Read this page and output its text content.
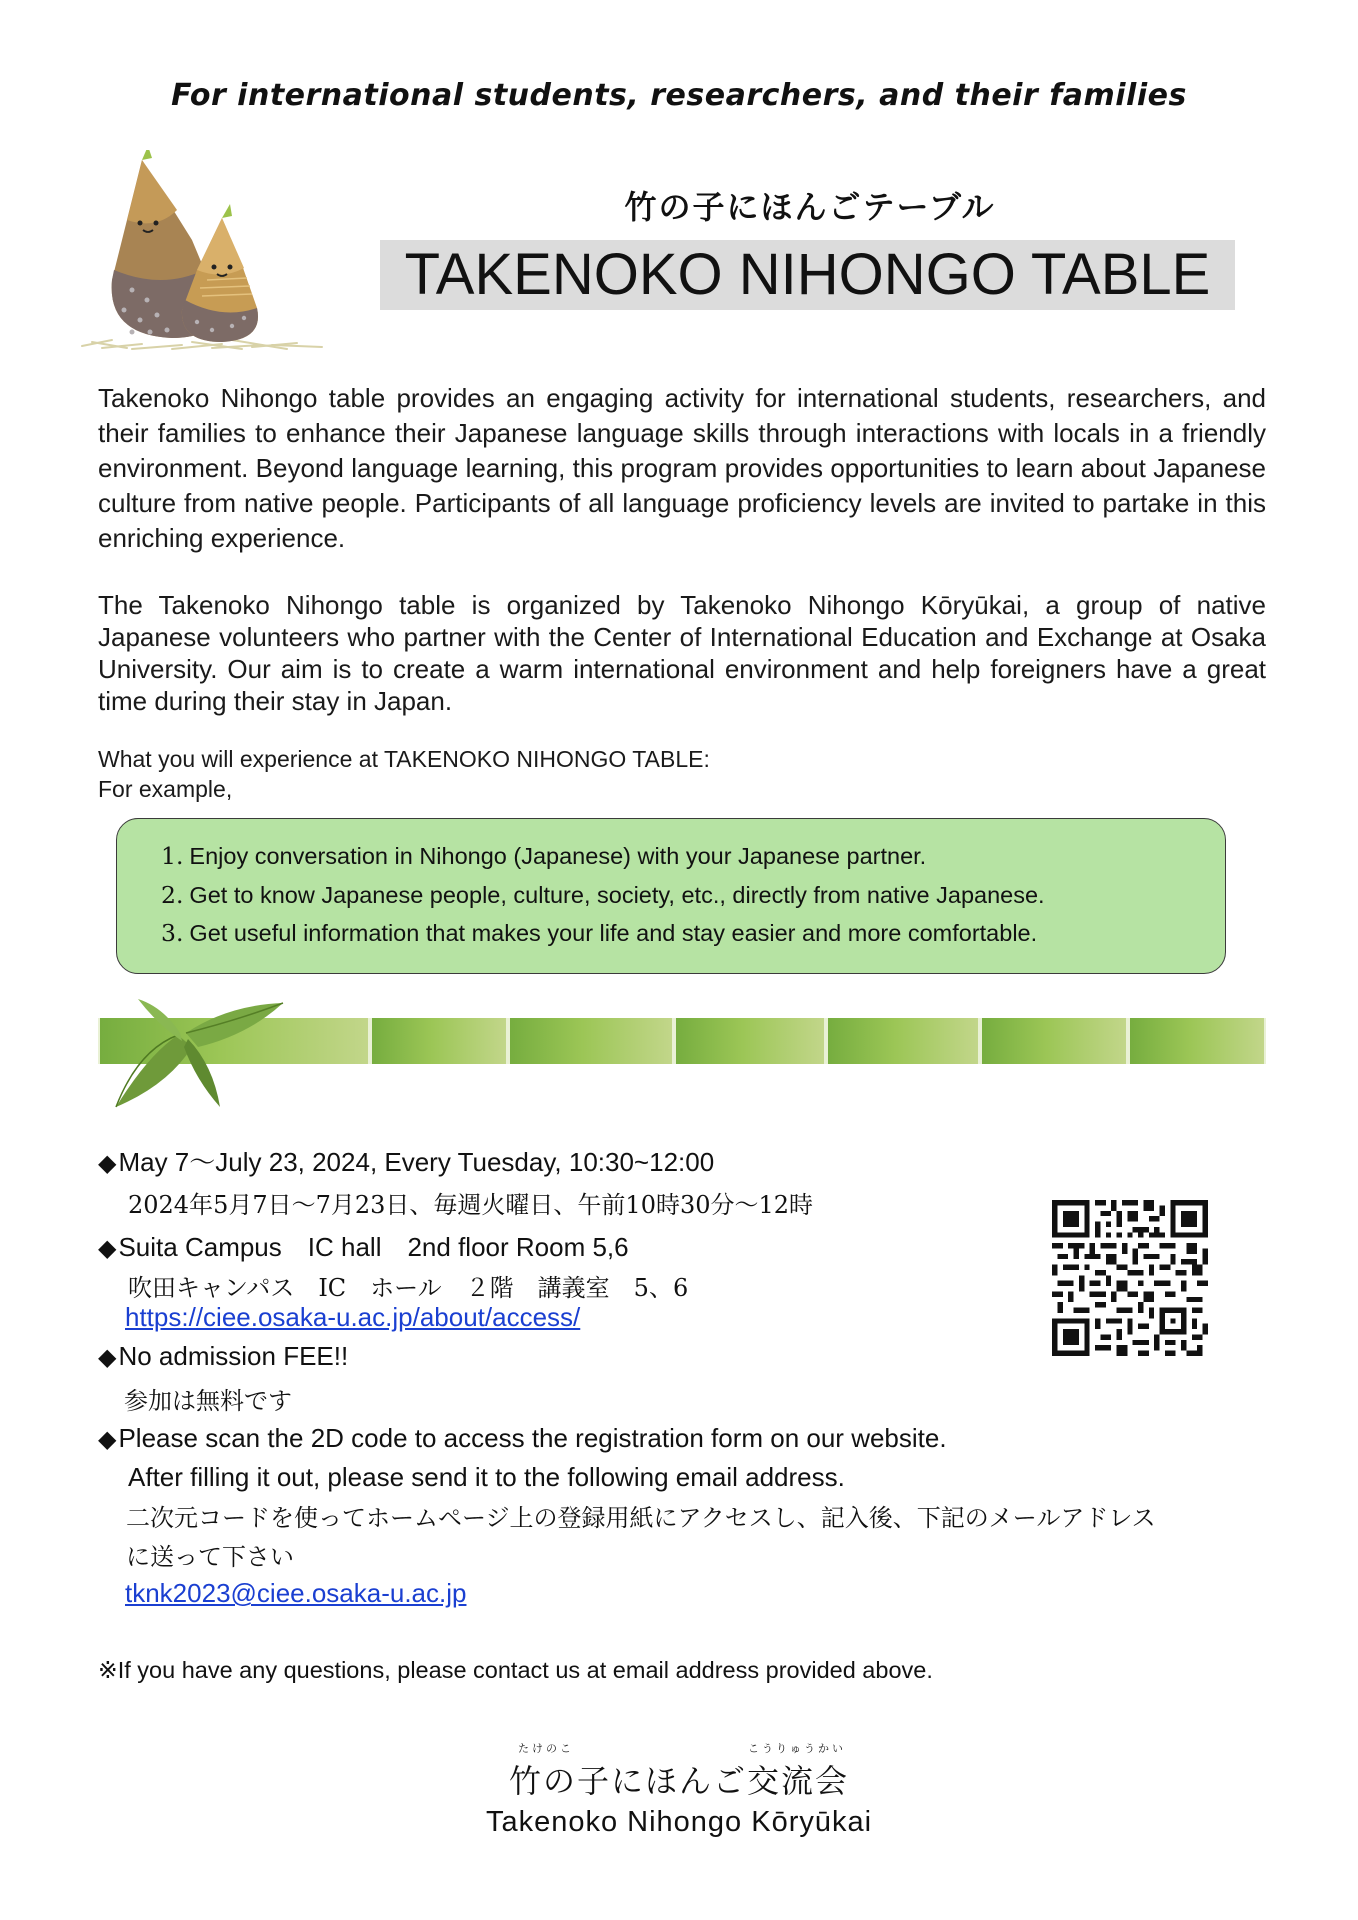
For international students, researchers, and their families
竹の子にほんごテーブル
TAKENOKO NIHONGO TABLE
Takenoko Nihongo table provides an engaging activity for international students, researchers, and their families to enhance their Japanese language skills through interactions with locals in a friendly environment. Beyond language learning, this program provides opportunities to learn about Japanese culture from native people. Participants of all language proficiency levels are invited to partake in this enriching experience.
The Takenoko Nihongo table is organized by Takenoko Nihongo Kōryūkai, a group of native Japanese volunteers who partner with the Center of International Education and Exchange at Osaka University. Our aim is to create a warm international environment and help foreigners have a great time during their stay in Japan.
What you will experience at TAKENOKO NIHONGO TABLE:
For example,
1. Enjoy conversation in Nihongo (Japanese) with your Japanese partner.
2. Get to know Japanese people, culture, society, etc., directly from native Japanese.
3. Get useful information that makes your life and stay easier and more comfortable.
◆May 7～July 23, 2024, Every Tuesday, 10:30~12:00
2024年5月7日～7月23日、毎週火曜日、午前10時30分～12時
◆Suita Campus　IC hall　2nd floor Room 5,6
吹田キャンパス　IC　ホール　２階　講義室　5、6
https://ciee.osaka-u.ac.jp/about/access/
◆No admission FEE!!
参加は無料です
◆Please scan the 2D code to access the registration form on our website.
After filling it out, please send it to the following email address.
二次元コードを使ってホームページ上の登録用紙にアクセスし、記入後、下記のメールアドレス
に送って下さい
tknk2023@ciee.osaka-u.ac.jp
※If you have any questions, please contact us at email address provided above.
たけのこ	こうりゅうかい
竹の子にほんご交流会
Takenoko Nihongo Kōryūkai
